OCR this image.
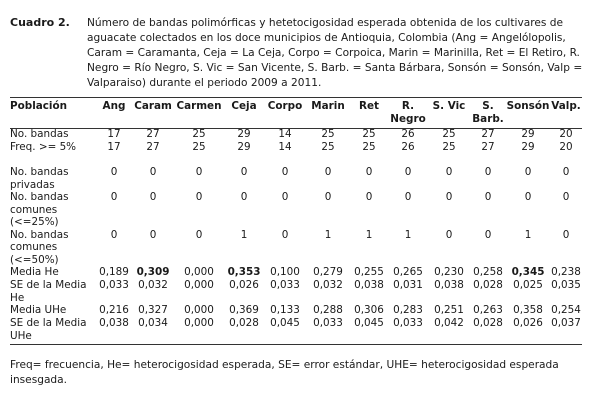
Cuadro 2. Número de bandas polimórficas y hetetocigosidad esperada obtenida de los cultivares de aguacate colectados en los doce municipios de Antioquia, Colombia (Ang = Angelólopolis, Caram = Caramanta, Ceja = La Ceja, Corpo = Corpoica, Marin = Marinilla, Ret = El Retiro, R. Negro = Río Negro, S. Vic = San Vicente, S. Barb. = Santa Bárbara, Sonsón = Sonsón, Valp = Valparaiso) durante el periodo 2009 a 2011.
Población	Ang	Caram	Carmen	Ceja	Corpo	Marin	Ret	R. Negro	S. Vic	S. Barb.	Sonsón	Valp.
No. bandas	17	27	25	29	14	25	25	26	25	27	29	20
Freq. >= 5%	17	27	25	29	14	25	25	26	25	27	29	20
No. bandas privadas	0	0	0	0	0	0	0	0	0	0	0	0
No. bandas comunes (<=25%)	0	0	0	0	0	0	0	0	0	0	0	0
No. bandas comunes (<=50%)	0	0	0	1	0	1	1	1	0	0	1	0
Media He	0,189	0,309	0,000	0,353	0,100	0,279	0,255	0,265	0,230	0,258	0,345	0,238
SE de la Media He	0,033	0,032	0,000	0,026	0,033	0,032	0,038	0,031	0,038	0,028	0,025	0,035
Media UHe	0,216	0,327	0,000	0,369	0,133	0,288	0,306	0,283	0,251	0,263	0,358	0,254
SE de la Media UHe	0,038	0,034	0,000	0,028	0,045	0,033	0,045	0,033	0,042	0,028	0,026	0,037
Freq= frecuencia, He= heterocigosidad esperada, SE= error estándar, UHE= heterocigosidad esperada insesgada.
